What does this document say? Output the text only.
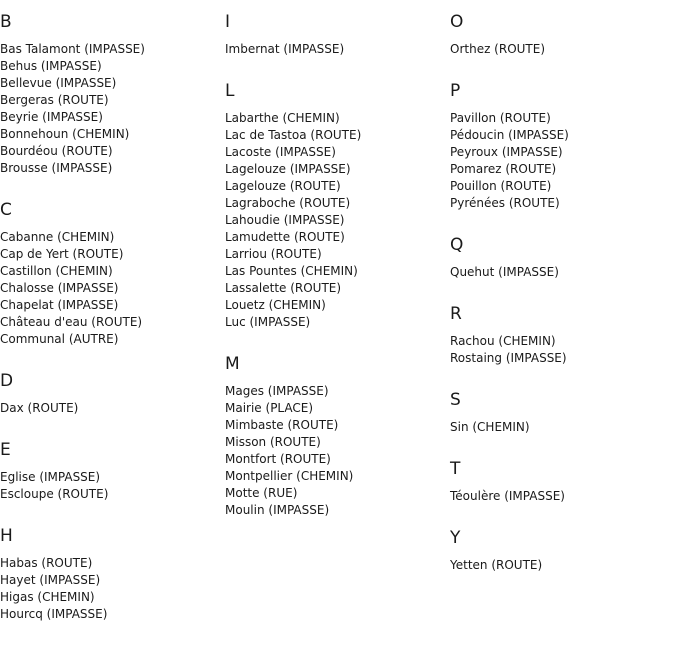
B
Bas Talamont (IMPASSE)
Behus (IMPASSE)
Bellevue (IMPASSE)
Bergeras (ROUTE)
Beyrie (IMPASSE)
Bonnehoun (CHEMIN)
Bourdéou (ROUTE)
Brousse (IMPASSE)
C
Cabanne (CHEMIN)
Cap de Yert (ROUTE)
Castillon (CHEMIN)
Chalosse (IMPASSE)
Chapelat (IMPASSE)
Château d'eau (ROUTE)
Communal (AUTRE)
D
Dax (ROUTE)
E
Eglise (IMPASSE)
Escloupe (ROUTE)
H
Habas (ROUTE)
Hayet (IMPASSE)
Higas (CHEMIN)
Hourcq (IMPASSE)
I
Imbernat (IMPASSE)
L
Labarthe (CHEMIN)
Lac de Tastoa (ROUTE)
Lacoste (IMPASSE)
Lagelouze (IMPASSE)
Lagelouze (ROUTE)
Lagraboche (ROUTE)
Lahoudie (IMPASSE)
Lamudette (ROUTE)
Larriou (ROUTE)
Las Pountes (CHEMIN)
Lassalette (ROUTE)
Louetz (CHEMIN)
Luc (IMPASSE)
M
Mages (IMPASSE)
Mairie (PLACE)
Mimbaste (ROUTE)
Misson (ROUTE)
Montfort (ROUTE)
Montpellier (CHEMIN)
Motte (RUE)
Moulin (IMPASSE)
O
Orthez (ROUTE)
P
Pavillon (ROUTE)
Pédoucin (IMPASSE)
Peyroux (IMPASSE)
Pomarez (ROUTE)
Pouillon (ROUTE)
Pyrénées (ROUTE)
Q
Quehut (IMPASSE)
R
Rachou (CHEMIN)
Rostaing (IMPASSE)
S
Sin (CHEMIN)
T
Téoulère (IMPASSE)
Y
Yetten (ROUTE)
